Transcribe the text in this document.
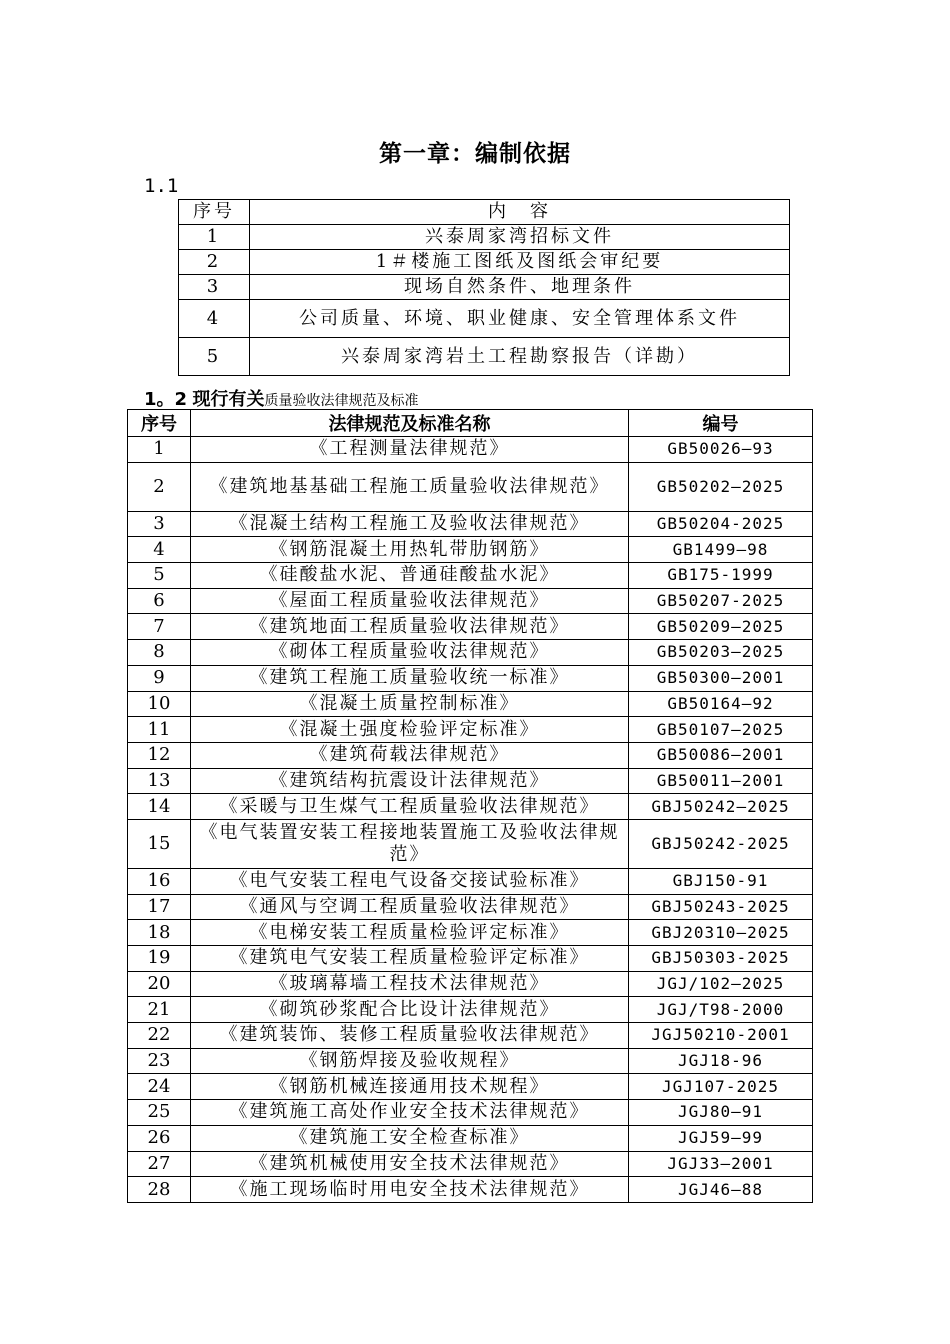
第一章：编制依据
1.1
序号	内　容
1	兴泰周家湾招标文件
2	1＃楼施工图纸及图纸会审纪要
3	现场自然条件、地理条件
4	公司质量、环境、职业健康、安全管理体系文件
5	兴泰周家湾岩土工程勘察报告（详勘）
1。2 现行有关质量验收法律规范及标准
序号	法律规范及标准名称	编号
1	《工程测量法律规范》	GB50026—93
2	《建筑地基基础工程施工质量验收法律规范》	GB50202—2025
3	《混凝土结构工程施工及验收法律规范》	GB50204-2025
4	《钢筋混凝土用热轧带肋钢筋》	GB1499—98
5	《硅酸盐水泥、普通硅酸盐水泥》	GB175-1999
6	《屋面工程质量验收法律规范》	GB50207-2025
7	《建筑地面工程质量验收法律规范》	GB50209—2025
8	《砌体工程质量验收法律规范》	GB50203—2025
9	《建筑工程施工质量验收统一标准》	GB50300—2001
10	《混凝土质量控制标准》	GB50164—92
11	《混凝土强度检验评定标准》	GB50107—2025
12	《建筑荷载法律规范》	GB50086—2001
13	《建筑结构抗震设计法律规范》	GB50011—2001
14	《采暖与卫生煤气工程质量验收法律规范》	GBJ50242—2025
15	《电气装置安装工程接地装置施工及验收法律规范》	GBJ50242-2025
16	《电气安装工程电气设备交接试验标准》	GBJ150-91
17	《通风与空调工程质量验收法律规范》	GBJ50243-2025
18	《电梯安装工程质量检验评定标准》	GBJ20310—2025
19	《建筑电气安装工程质量检验评定标准》	GBJ50303-2025
20	《玻璃幕墙工程技术法律规范》	JGJ/102—2025
21	《砌筑砂浆配合比设计法律规范》	JGJ/T98-2000
22	《建筑装饰、装修工程质量验收法律规范》	JGJ50210-2001
23	《钢筋焊接及验收规程》	JGJ18-96
24	《钢筋机械连接通用技术规程》	JGJ107-2025
25	《建筑施工高处作业安全技术法律规范》	JGJ80—91
26	《建筑施工安全检查标准》	JGJ59—99
27	《建筑机械使用安全技术法律规范》	JGJ33—2001
28	《施工现场临时用电安全技术法律规范》	JGJ46—88
